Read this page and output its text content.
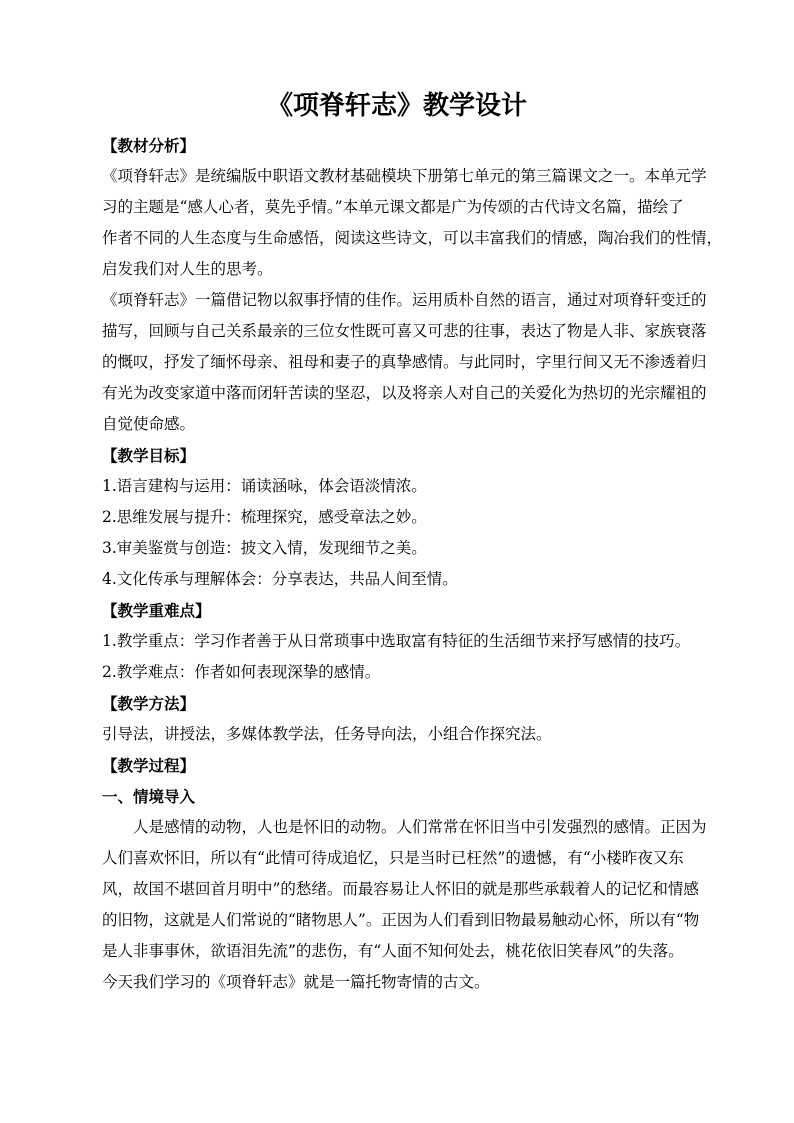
《项脊轩志》教学设计

【教材分析】

《项脊轩志》是统编版中职语文教材基础模块下册第七单元的第三篇课文之一。本单元学

习的主题是“感人心者，莫先乎情。”本单元课文都是广为传颂的古代诗文名篇，描绘了

作者不同的人生态度与生命感悟，阅读这些诗文，可以丰富我们的情感，陶冶我们的性情，

启发我们对人生的思考。

《项脊轩志》一篇借记物以叙事抒情的佳作。运用质朴自然的语言，通过对项脊轩变迁的

描写，回顾与自己关系最亲的三位女性既可喜又可悲的往事，表达了物是人非、家族衰落

的慨叹，抒发了缅怀母亲、祖母和妻子的真挚感情。与此同时，字里行间又无不渗透着归

有光为改变家道中落而闭轩苦读的坚忍，以及将亲人对自己的关爱化为热切的光宗耀祖的

自觉使命感。

【教学目标】

1.语言建构与运用：诵读涵咏，体会语淡情浓。

2.思维发展与提升：梳理探究，感受章法之妙。

3.审美鉴赏与创造：披文入情，发现细节之美。

4.文化传承与理解体会：分享表达，共品人间至情。

【教学重难点】

1.教学重点：学习作者善于从日常琐事中选取富有特征的生活细节来抒写感情的技巧。

2.教学难点：作者如何表现深挚的感情。

【教学方法】

引导法，讲授法，多媒体教学法，任务导向法，小组合作探究法。

【教学过程】

一、情境导入

人是感情的动物，人也是怀旧的动物。人们常常在怀旧当中引发强烈的感情。正因为

人们喜欢怀旧，所以有“此情可待成追忆，只是当时已枉然”的遗憾，有“小楼昨夜又东

风，故国不堪回首月明中”的愁绪。而最容易让人怀旧的就是那些承载着人的记忆和情感

的旧物，这就是人们常说的“睹物思人”。正因为人们看到旧物最易触动心怀，所以有“物

是人非事事休，欲语泪先流”的悲伤，有“人面不知何处去，桃花依旧笑春风”的失落。

今天我们学习的《项脊轩志》就是一篇托物寄情的古文。
